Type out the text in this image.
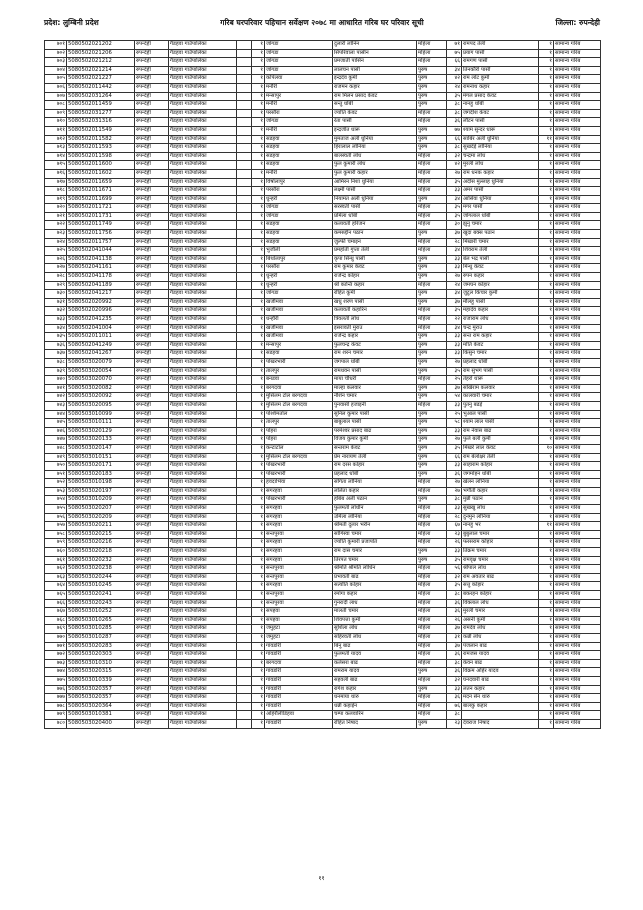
प्रदेश: लुम्बिनी प्रदेश	गरिब घरपरिवार पहिचान सर्वेक्षण २०७८ मा आधारित गरिब घर परिवार सूची	जिल्ला: रुपन्देही
७०१	5080502021202	रुपन्देही	गैडहवा गाउँपालिका		१	जोगडा	दुलारी लोनिन	महिला	७१	रामपद तेली	१	सामान्य गरिब
७०२	5080502021206	रुपन्देही	गैडहवा गाउँपालिका		१	जोगडा	सिपरिवाला पासीन	महिला	७५	प्रयाग पासी	१	सामान्य गरिब
७०३	5080502021212	रुपन्देही	गैडहवा गाउँपालिका		१	जोगडा	प्रमजाती पासिन	महिला	६६	रामगण पासी	१	सामान्य गरिब
७०४	5080502021214	रुपन्देही	गैडहवा गाउँपालिका		१	जोगडा	लालचन पासी	पुरुष	३४	तिनकौरी पासी	१	सामान्य गरिब
७०५	5080502021227	रुपन्देही	गैडहवा गाउँपालिका		१	कपिलवा	इन्द्रदेव कुर्मी	पुरुष	४२	राम लोट कुर्मी	१	सामान्य गरिब
७०६	5080502011442	रुपन्देही	गैडहवा गाउँपालिका		१	मनौरी	राजमन कहार	पुरुष	२४	रामनाथ कहार	१	सामान्य गरिब
७०७	5080502031264	रुपन्देही	गैडहवा गाउँपालिका		१	मन्सापुर	राम मिलन प्रसाद केवट	पुरुष	३५	मंगल प्रसाद केवट	१	सामान्य गरिब
७०८	5080502011459	रुपन्देही	गैडहवा गाउँपालिका		१	मनौरी	सन्तु धोबी	पुरुष	३८	नानहु धोबी	१	सामान्य गरिब
७०९	5080502031277	रुपन्देही	गैडहवा गाउँपालिका		१	परसौरा	ज्योति केवट	महिला	३८	जगदीश केवट	१	सामान्य गरिब
७१०	5080502031316	रुपन्देही	गैडहवा गाउँपालिका		१	जोगडा	रेता पासी	महिला	३६	लौटन पासी	१	सामान्य गरिब
७११	5080502011549	रुपन्देही	गैडहवा गाउँपालिका		१	मनौरी	इन्द्रजीत धारू	पुरुष	७७	श्याम सुन्दर धारू	१	सामान्य गरिब
७१२	5080502011582	रुपन्देही	गैडहवा गाउँपालिका		१	सडहवा	मुमताज अली धुनिया	पुरुष	६६	साबिर अली धुनिया	११	सामान्य गरिब
७१३	5080502011593	रुपन्देही	गैडहवा गाउँपालिका		१	सडहवा	हिरालाल लोनिया	पुरुष	३८	सुखदेई लोनिया	१	सामान्य गरिब
७१४	5080502011598	रुपन्देही	गैडहवा गाउँपालिका		१	सडहवा	बालस्वती लोध	महिला	३२	चन्द्रमा लोध	१	सामान्य गरिब
७१५	5080502011600	रुपन्देही	गैडहवा गाउँपालिका		१	सडहवा	फुल कुमारी लोध	महिला	४२	मुरली लोध	१	सामान्य गरिब
७१६	5080502011602	रुपन्देही	गैडहवा गाउँपालिका		१	मनौरी	फुल कुमारी कहार	महिला	२७	राम धनक कहार	१	सामान्य गरिब
७१७	5080502011659	रुपन्देही	गैडहवा गाउँपालिका		१	विषोलापुर	आमिरन निशा धुनिया	महिला	३५	अदीस मुल्लाह धुनिया	१	सामान्य गरिब
७१८	5080502011671	रुपन्देही	गैडहवा गाउँपालिका		१	परसौरा	लक्ष्मी पासी	महिला	३३	अमर पासी	१	सामान्य गरिब
७१९	5080502011699	रुपन्देही	गैडहवा गाउँपालिका		१	धुन्हरी	नियामत अली धुनिया	पुरुष	३४	आसिवा धुनिया	१	सामान्य गरिब
७२०	5080502011721	रुपन्देही	गैडहवा गाउँपालिका		१	जोगडा	सरस्वती पासी	महिला	३५	मगर पासी	१	सामान्य गरिब
७२१	5080502011731	रुपन्देही	गैडहवा गाउँपालिका		१	जोगडा	प्रमिला धोबी	महिला	३५	जोगलाल धोबी	१	सामान्य गरिब
७२२	5080502011749	रुपन्देही	गैडहवा गाउँपालिका		१	सडहवा	कलावती हरिजन	महिला	३०	झुनु चमार	१	सामान्य गरिब
७२३	5080502011756	रुपन्देही	गैडहवा गाउँपालिका		१	सडहवा	कमरुद्दीन पठान	पुरुष	३७	खुदा बक्स पठान	१	सामान्य गरिब
७२४	5080502011757	रुपन्देही	गैडहवा गाउँपालिका		१	सडहवा	जुल्फी चमाइन	महिला	२८	मिखारी चमार	१	सामान्य गरिब
७२५	5080502041044	रुपन्देही	गैडहवा गाउँपालिका		१	भुजौली	प्रमहोर्ती गुप्ता तेली	महिला	३४	शिवराम तेली	१	सामान्य गरिब
७२६	5080502041138	रुपन्देही	गैडहवा गाउँपालिका		१	बिथोलापुर	कृपा सिन्धु पासी	पुरुष	३३	बेल भद्र पासी	१	सामान्य गरिब
७२७	5080502041161	रुपन्देही	गैडहवा गाउँपालिका		१	परसौरा	राम कुमार केवट	पुरुष	३३	मिन्धु केवट	१	सामान्य गरिब
७२८	5080502041178	रुपन्देही	गैडहवा गाउँपालिका		१	धुन्हरी	राजेन्द्र कोहार	पुरुष	२७	रुपन कहार	१	सामान्य गरिब
७२९	5080502041189	रुपन्देही	गैडहवा गाउँपालिका		१	धुन्हरी	श्री कान्ति कहार	महिला	२४	जमघन कोहार	१	सामान्य गरिब
७३०	5080502041217	रुपन्देही	गैडहवा गाउँपालिका		१	जोगडा	रोहित कुर्मी	पुरुष	३४	जुटुल किचार कुर्मी	१	सामान्य गरिब
७३१	5080502020992	रुपन्देही	गैडहवा गाउँपालिका		१	खजीमवा	खधु शरण पासी	पुरुष	३७	मौलहु पासी	१	सामान्य गरिब
७३२	5080502020996	रुपन्देही	गैडहवा गाउँपालिका		१	खजीमवा	कलावती कहारिन	महिला	३५	महादेव कहार	१	सामान्य गरिब
७३३	5080502041235	रुपन्देही	गैडहवा गाउँपालिका		१	धन्हौरी	त्रिवलती लोध	महिला	२२	राजाराम लोध	१	सामान्य गरिब
७३४	5080502041004	रुपन्देही	गैडहवा गाउँपालिका		१	खजीमवा	इसरावती मुराउ	महिला	३४	चन्द्र मुराउ	१	सामान्य गरिब
७३५	5080502011011	रुपन्देही	गैडहवा गाउँपालिका		१	खजीमवा	राजेन्द्र कहार	पुरुष	३३	सन्त राम कहार	१	सामान्य गरिब
७३६	5080502041249	रुपन्देही	गैडहवा गाउँपालिका		१	मन्सापुर	फुलचन्द्र केवट	पुरुष	३३	मोति केवट	१	सामान्य गरिब
७३७	5080502041267	रुपन्देही	गैडहवा गाउँपालिका		१	सडहवा	राम शरन चमार	पुरुष	३३	किसुन चमार	१	सामान्य गरिब
७३८	5080503020079	रुपन्देही	गैडहवा गाउँपालिका		१	पोखरभारी	जगपाल धोबी	पुरुष	२७	प्रहलाद धोबी	१	सामान्य गरिब
७३९	5080503020054	रुपन्देही	गैडहवा गाउँपालिका		१	तालपुर	रामधवन पासी	पुरुष	३५	राम सुभग पासी	१	सामान्य गरिब
७४०	5080503020070	रुपन्देही	गैडहवा गाउँपालिका		१	बनडवा	माया चौधरी	महिला	२५	तेहरो थारू	१	सामान्य गरिब
७४१	5080503020082	रुपन्देही	गैडहवा गाउँपालिका		१	बरगदवा	माल्हा कलवार	पुरुष	३७	सखिराम कलवार	१	सामान्य गरिब
७४२	5080503020092	रुपन्देही	गैडहवा गाउँपालिका		१	मुसिलम टोल बरगदवा	नौशेन चमार	पुरुष	५४	कालवारी चमार	१	सामान्य गरिब
७४३	5080503020095	रुपन्देही	गैडहवा गाउँपालिका		१	मुसिलम टोल बरगदवा	पुनवासी हजाइनी	महिला	३३	पुतनु बढई	१	सामान्य गरिब
७४४	5080503010099	रुपन्देही	गैडहवा गाउँपालिका		१	पश्शिमतोल	सुनिल कुमार पासी	पुरुष	२५	भुआल पासी	१	सामान्य गरिब
७४५	5080503010111	रुपन्देही	गैडहवा गाउँपालिका		१	तालपुर	बाबुलाल पासी	पुरुष	५८	श्याम लाल पासी	१	सामान्य गरिब
७४६	5080503020129	रुपन्देही	गैडहवा गाउँपालिका		१	पोहरा	परमेश्वर प्रसाद बाढ	पुरुष	३३	राम नेवास बाढ	१	सामान्य गरिब
७४७	5080503020133	रुपन्देही	गैडहवा गाउँपालिका		१	पोहरा	विजय कुमार कुर्मी	पुरुष	२७	फुले बली कुर्मी	१	सामान्य गरिब
७४८	5080503020147	रुपन्देही	गैडहवा गाउँपालिका		१	कन्टाटोल	सन्तराम केवट	पुरुष	३५	मिखरे लाल केवट	१०	सामान्य गरिब
७४९	5080503010151	रुपन्देही	गैडहवा गाउँपालिका		१	मुसिलम टोल बरगदवा	प्रेम नारायण तेली	पुरुष	६६	राम बेलोक्षर तेली	१	सामान्य गरिब
७५०	5080503020171	रुपन्देही	गैडहवा गाउँपालिका		१	पोखरभारी	राम दरस कोहार	पुरुष	३३	साहाराम कोहार	१	सामान्य गरिब
७५१	5080503020183	रुपन्देही	गैडहवा गाउँपालिका		१	पोखरभारी	प्रहलाद धोबी	पुरुष	३६	जगमोहन धोबी	१	सामान्य गरिब
७५२	5080503010198	रुपन्देही	गैडहवा गाउँपालिका		१	हवदाभिवा	संगिता लोनिया	महिला	२७	खेलन लोनिया	१	सामान्य गरिब
७५३	5080503020197	रुपन्देही	गैडहवा गाउँपालिका		१	सगरहवा	ललिता कहार	महिला	२७	भगौती कहार	१	सामान्य गरिब
७५४	5080503010209	रुपन्देही	गैडहवा गाउँपालिका		१	पोखरभारी	हबिब अली पठान	पुरुष	३८	मुन्नी पठान	१	सामान्य गरिब
७५५	5080503020207	रुपन्देही	गैडहवा गाउँपालिका		१	सगरहवा	फुलमती लोधीन	महिला	३३	सुखखु लोध	१	सामान्य गरिब
७५६	5080503020209	रुपन्देही	गैडहवा गाउँपालिका		१	सगरहवा	उर्मिला लोनिया	महिला	२८	दुनमुन लोनिया	१	सामान्य गरिब
७५७	5080503020211	रुपन्देही	गैडहवा गाउँपालिका		१	सगरहवा	श्रीमती दुलार भरीन	महिला	६७	नानहु भर	११	सामान्य गरिब
७५८	5080503020215	रुपन्देही	गैडहवा गाउँपालिका		१	सन्तपुरवा	सोगिस्वा चमार	महिला	२३	बुबुलाल चमार	१	सामान्य गरिब
७५९	5080503020216	रुपन्देही	गैडहवा गाउँपालिका		१	सगरहवा	ज्योति कुमारी प्रजापति	महिला	२६	फरसराम कोहार	१	सामान्य गरिब
७६०	5080503020218	रुपन्देही	गैडहवा गाउँपालिका		१	सगरहवा	राम दास चमार	पुरुष	३३	तिक्रम चमार	१	सामान्य गरिब
७६१	5080503020232	रुपन्देही	गैडहवा गाउँपालिका		१	सगरहवा	तिरपत चमार	पुरुष	३५	रामवृक्ष चमार	१	सामान्य गरिब
७६२	5080503020238	रुपन्देही	गैडहवा गाउँपालिका		१	सन्तपुरवा	श्रीमति श्रीमति लोधिन	महिला	५६	श्रीपाल लोध	१	सामान्य गरिब
७६३	5080503020244	रुपन्देही	गैडहवा गाउँपालिका		१	सन्तपुरवा	प्रभावती बाढ	महिला	३२	राम अवतार बाढ	१	सामान्य गरिब
७६४	5080503010245	रुपन्देही	गैडहवा गाउँपालिका		१	सगरहवा	सत्योति कोहार	महिला	३५	सत्तु कोहार	१	सामान्य गरिब
७६५	5080503020241	रुपन्देही	गैडहवा गाउँपालिका		१	सन्तपुरवा	रमोगा कहार	महिला	३८	बकरहन कोहार	१	सामान्य गरिब
७६६	5080503020243	रुपन्देही	गैडहवा गाउँपालिका		१	सन्तपुरवा	गुनरादी लाध	महिला	३६	विक्लाल लोध	१	सामान्य गरिब
७६७	5080503010252	रुपन्देही	गैडहवा गाउँपालिका		१	सपहवा	मालती चमार	महिला	३६	मुरली चमार	१	सामान्य गरिब
७६८	5080503010265	रुपन्देही	गैडहवा गाउँपालिका		१	सपहवा	शिवपत्ता कुर्मी	महिला	२६	असनी कुर्मी	१	सामान्य गरिब
७६९	5080503010285	रुपन्देही	गैडहवा गाउँपालिका		१	जमुहटा	सुशिला लोध	महिला	३७	रामदेव लोध	१	सामान्य गरिब
७७०	5080503010287	रुपन्देही	गैडहवा गाउँपालिका		१	जमुहटा	सहिरवती लोध	महिला	३१	कन्नी लोध	१	सामान्य गरिब
७७१	5080503020283	रुपन्देही	गैडहवा गाउँपालिका		१	गांवडोरी	बिनु बाढ	महिला	३७	पंजलान बाढ	१	सामान्य गरिब
७७२	5080503020303	रुपन्देही	गैडहवा गाउँपालिका		१	गांवडोरी	फुलमती यादव	महिला	३६	रामजस यादव	१	सामान्य गरिब
७७३	5080503010310	रुपन्देही	गैडहवा गाउँपालिका		१	बरगदवा	कलेसरा बाढ	महिला	३८	केवन बाढ	१	सामान्य गरिब
७७४	5080503020315	रुपन्देही	गैडहवा गाउँपालिका		१	गांवडोरी	रामराम यादव	पुरुष	३६	विक्रम अहिर यादव	१	सामान्य गरिब
७७५	5080503010339	रुपन्देही	गैडहवा गाउँपालिका		१	गांवडोरी	सहवली बाढ	महिला	३२	घनदवारी बाढ	१	सामान्य गरिब
७७६	5080503020357	रुपन्देही	गैडहवा गाउँपालिका		१	गांवडोरी	रागेश कहार	पुरुष	३३	लतन कहार	१	सामान्य गरिब
७७७	5080503020357	रुपन्देही	गैडहवा गाउँपालिका		१	गांवडोरी	धनमाया थारु	महिला	३६	मदन सेन थारु	१	सामान्य गरिब
७७८	5080503020364	रुपन्देही	गैडहवा गाउँपालिका		१	गांवडोरी	धन्नी कहाईन	महिला	७६	बालकु कहार	१	सामान्य गरिब
७७९	5080503010381	रुपन्देही	गैडहवा गाउँपालिका		१	अहिरौलीडिहवा	चम्पा कलवारिन	महिला	३८		१	सामान्य गरिब
७८०	5080503020400	रुपन्देही	गैडहवा गाउँपालिका		१	गांवडोरी	रोहित निषाद	पुरुष	२३	देवराज निषाद	१	सामान्य गरिब
११
